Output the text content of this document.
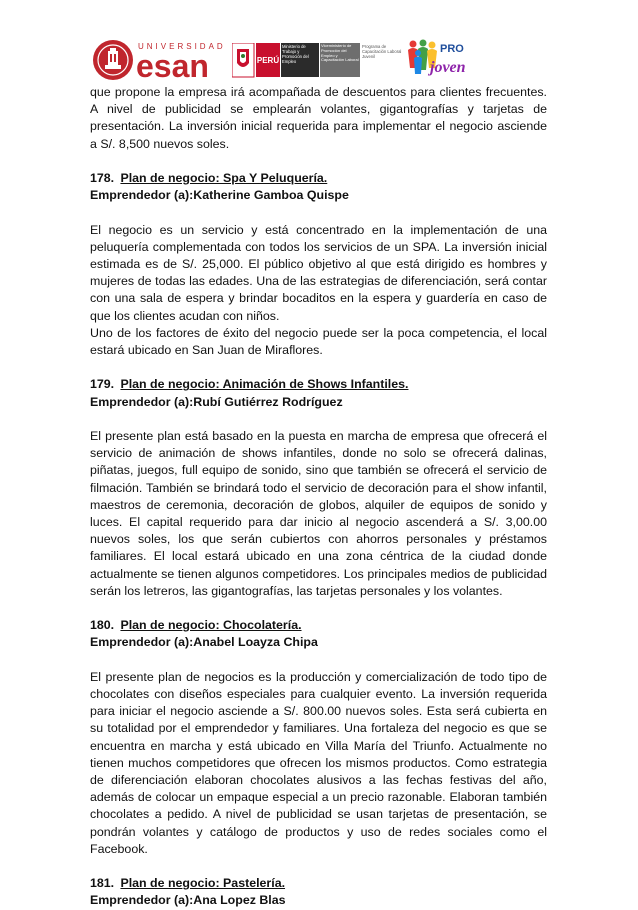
UNIVERSIDAD
esan	PERÚ
Ministerio de Trabajo y Promoción del Empleo
Viceministerio de Promoción del Empleo y Capacitación Laboral
Programa de Capacitación Laboral Juvenil
PRO
joven

que propone la empresa irá acompañada de descuentos para clientes frecuentes. A nivel de publicidad se emplearán volantes, gigantografías y tarjetas de presentación. La inversión inicial requerida para implementar el negocio asciende a S/. 8,500 nuevos soles.

178. Plan de negocio: Spa Y Peluquería.

Emprendedor (a):Katherine Gamboa Quispe

El negocio es un servicio y está concentrado en la implementación de una peluquería complementada con todos los servicios de un SPA. La inversión inicial estimada es de S/. 25,000. El público objetivo al que está dirigido es hombres y mujeres de todas las edades. Una de las estrategias de diferenciación, será contar con una sala de espera y brindar bocaditos en la espera y guardería en caso de que los clientes acudan con niños.

Uno de los factores de éxito del negocio puede ser la poca competencia, el local estará ubicado en San Juan de Miraflores.

179. Plan de negocio: Animación de Shows Infantiles.

Emprendedor (a):Rubí Gutiérrez Rodríguez

El presente plan está basado en la puesta en marcha de empresa que ofrecerá el servicio de animación de shows infantiles, donde no solo se ofrecerá dalinas, piñatas, juegos, full equipo de sonido, sino que también se ofrecerá el servicio de filmación. También se brindará todo el servicio de decoración para el show infantil, maestros de ceremonia, decoración de globos, alquiler de equipos de sonido y luces. El capital requerido para dar inicio al negocio ascenderá a S/. 3,00.00 nuevos soles, los que serán cubiertos con ahorros personales y préstamos familiares. El local estará ubicado en una zona céntrica de la ciudad donde actualmente se tienen algunos competidores. Los principales medios de publicidad serán los letreros, las gigantografías, las tarjetas personales y los volantes.

180. Plan de negocio: Chocolatería.

Emprendedor (a):Anabel Loayza Chipa

El presente plan de negocios es la producción y comercialización de todo tipo de chocolates con diseños especiales para cualquier evento. La inversión requerida para iniciar el negocio asciende a S/. 800.00 nuevos soles. Esta será cubierta en su totalidad por el emprendedor y familiares. Una fortaleza del negocio es que se encuentra en marcha y está ubicado en Villa María del Triunfo. Actualmente no tienen muchos competidores que ofrecen los mismos productos. Como estrategia de diferenciación elaboran chocolates alusivos a las fechas festivas del año, además de colocar un empaque especial a un precio razonable. Elaboran también chocolates a pedido. A nivel de publicidad se usan tarjetas de presentación, se pondrán volantes y catálogo de productos y uso de redes sociales como el Facebook.

181. Plan de negocio: Pastelería.

Emprendedor (a):Ana Lopez Blas
